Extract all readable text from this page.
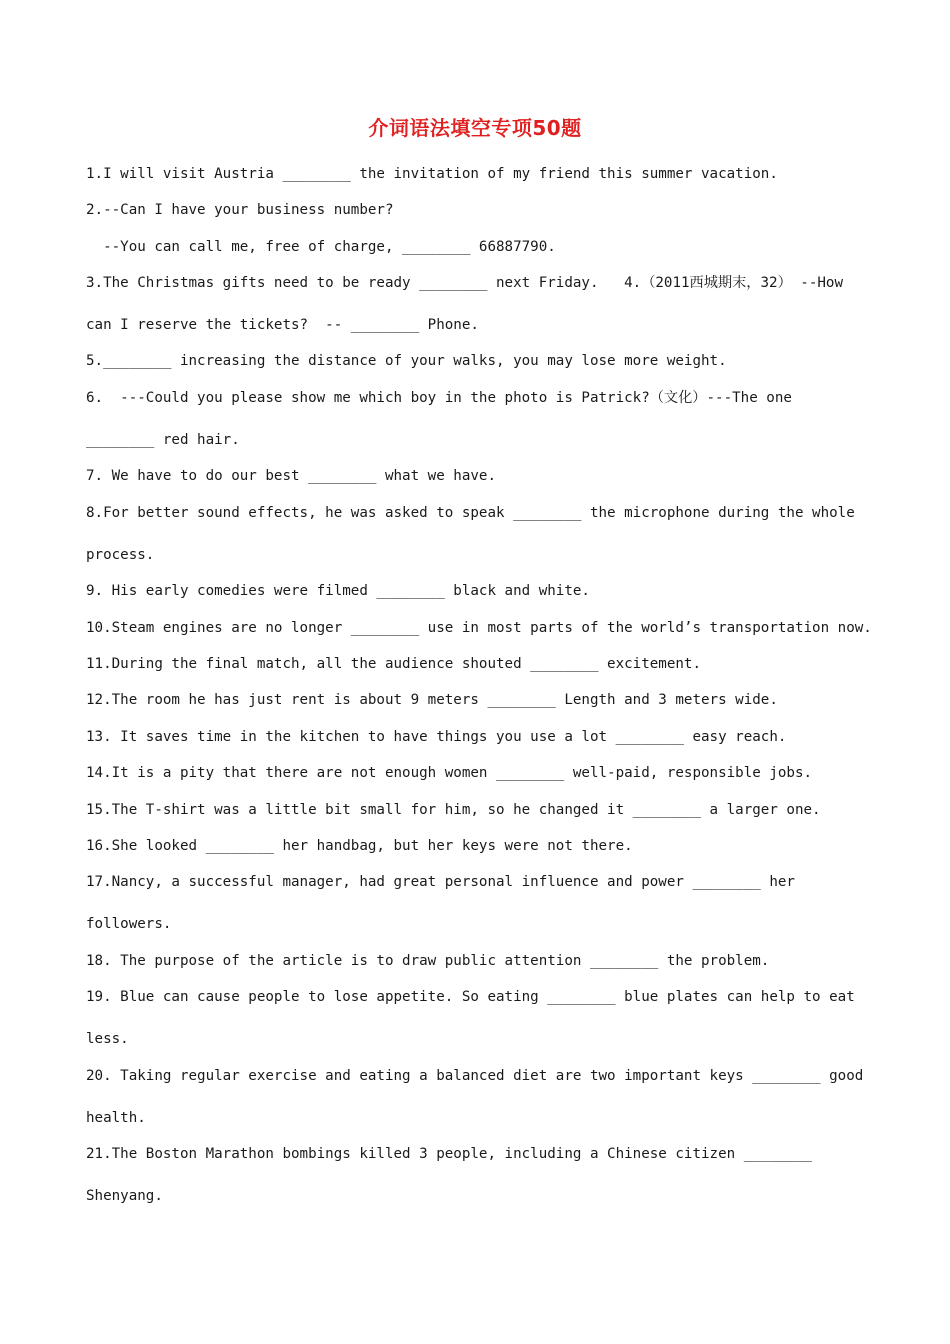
介词语法填空专项50题
1.I will visit Austria ________ the invitation of my friend this summer vacation.
2.--Can I have your business number?
--You can call me, free of charge, ________ 66887790.
3.The Christmas gifts need to be ready ________ next Friday.   4.（2011西城期末，32） --How
can I reserve the tickets?  -- ________ Phone.
5.________ increasing the distance of your walks, you may lose more weight.
6.  ---Could you please show me which boy in the photo is Patrick?（文化）---The one
________ red hair.
7. We have to do our best ________ what we have.
8.For better sound effects, he was asked to speak ________ the microphone during the whole
process.
9. His early comedies were filmed ________ black and white.
10.Steam engines are no longer ________ use in most parts of the world’s transportation now.
11.During the final match, all the audience shouted ________ excitement.
12.The room he has just rent is about 9 meters ________ Length and 3 meters wide.
13. It saves time in the kitchen to have things you use a lot ________ easy reach.
14.It is a pity that there are not enough women ________ well-paid, responsible jobs.
15.The T-shirt was a little bit small for him, so he changed it ________ a larger one.
16.She looked ________ her handbag, but her keys were not there.
17.Nancy, a successful manager, had great personal influence and power ________ her
followers.
18. The purpose of the article is to draw public attention ________ the problem.
19. Blue can cause people to lose appetite. So eating ________ blue plates can help to eat
less.
20. Taking regular exercise and eating a balanced diet are two important keys ________ good
health.
21.The Boston Marathon bombings killed 3 people, including a Chinese citizen ________
Shenyang.
